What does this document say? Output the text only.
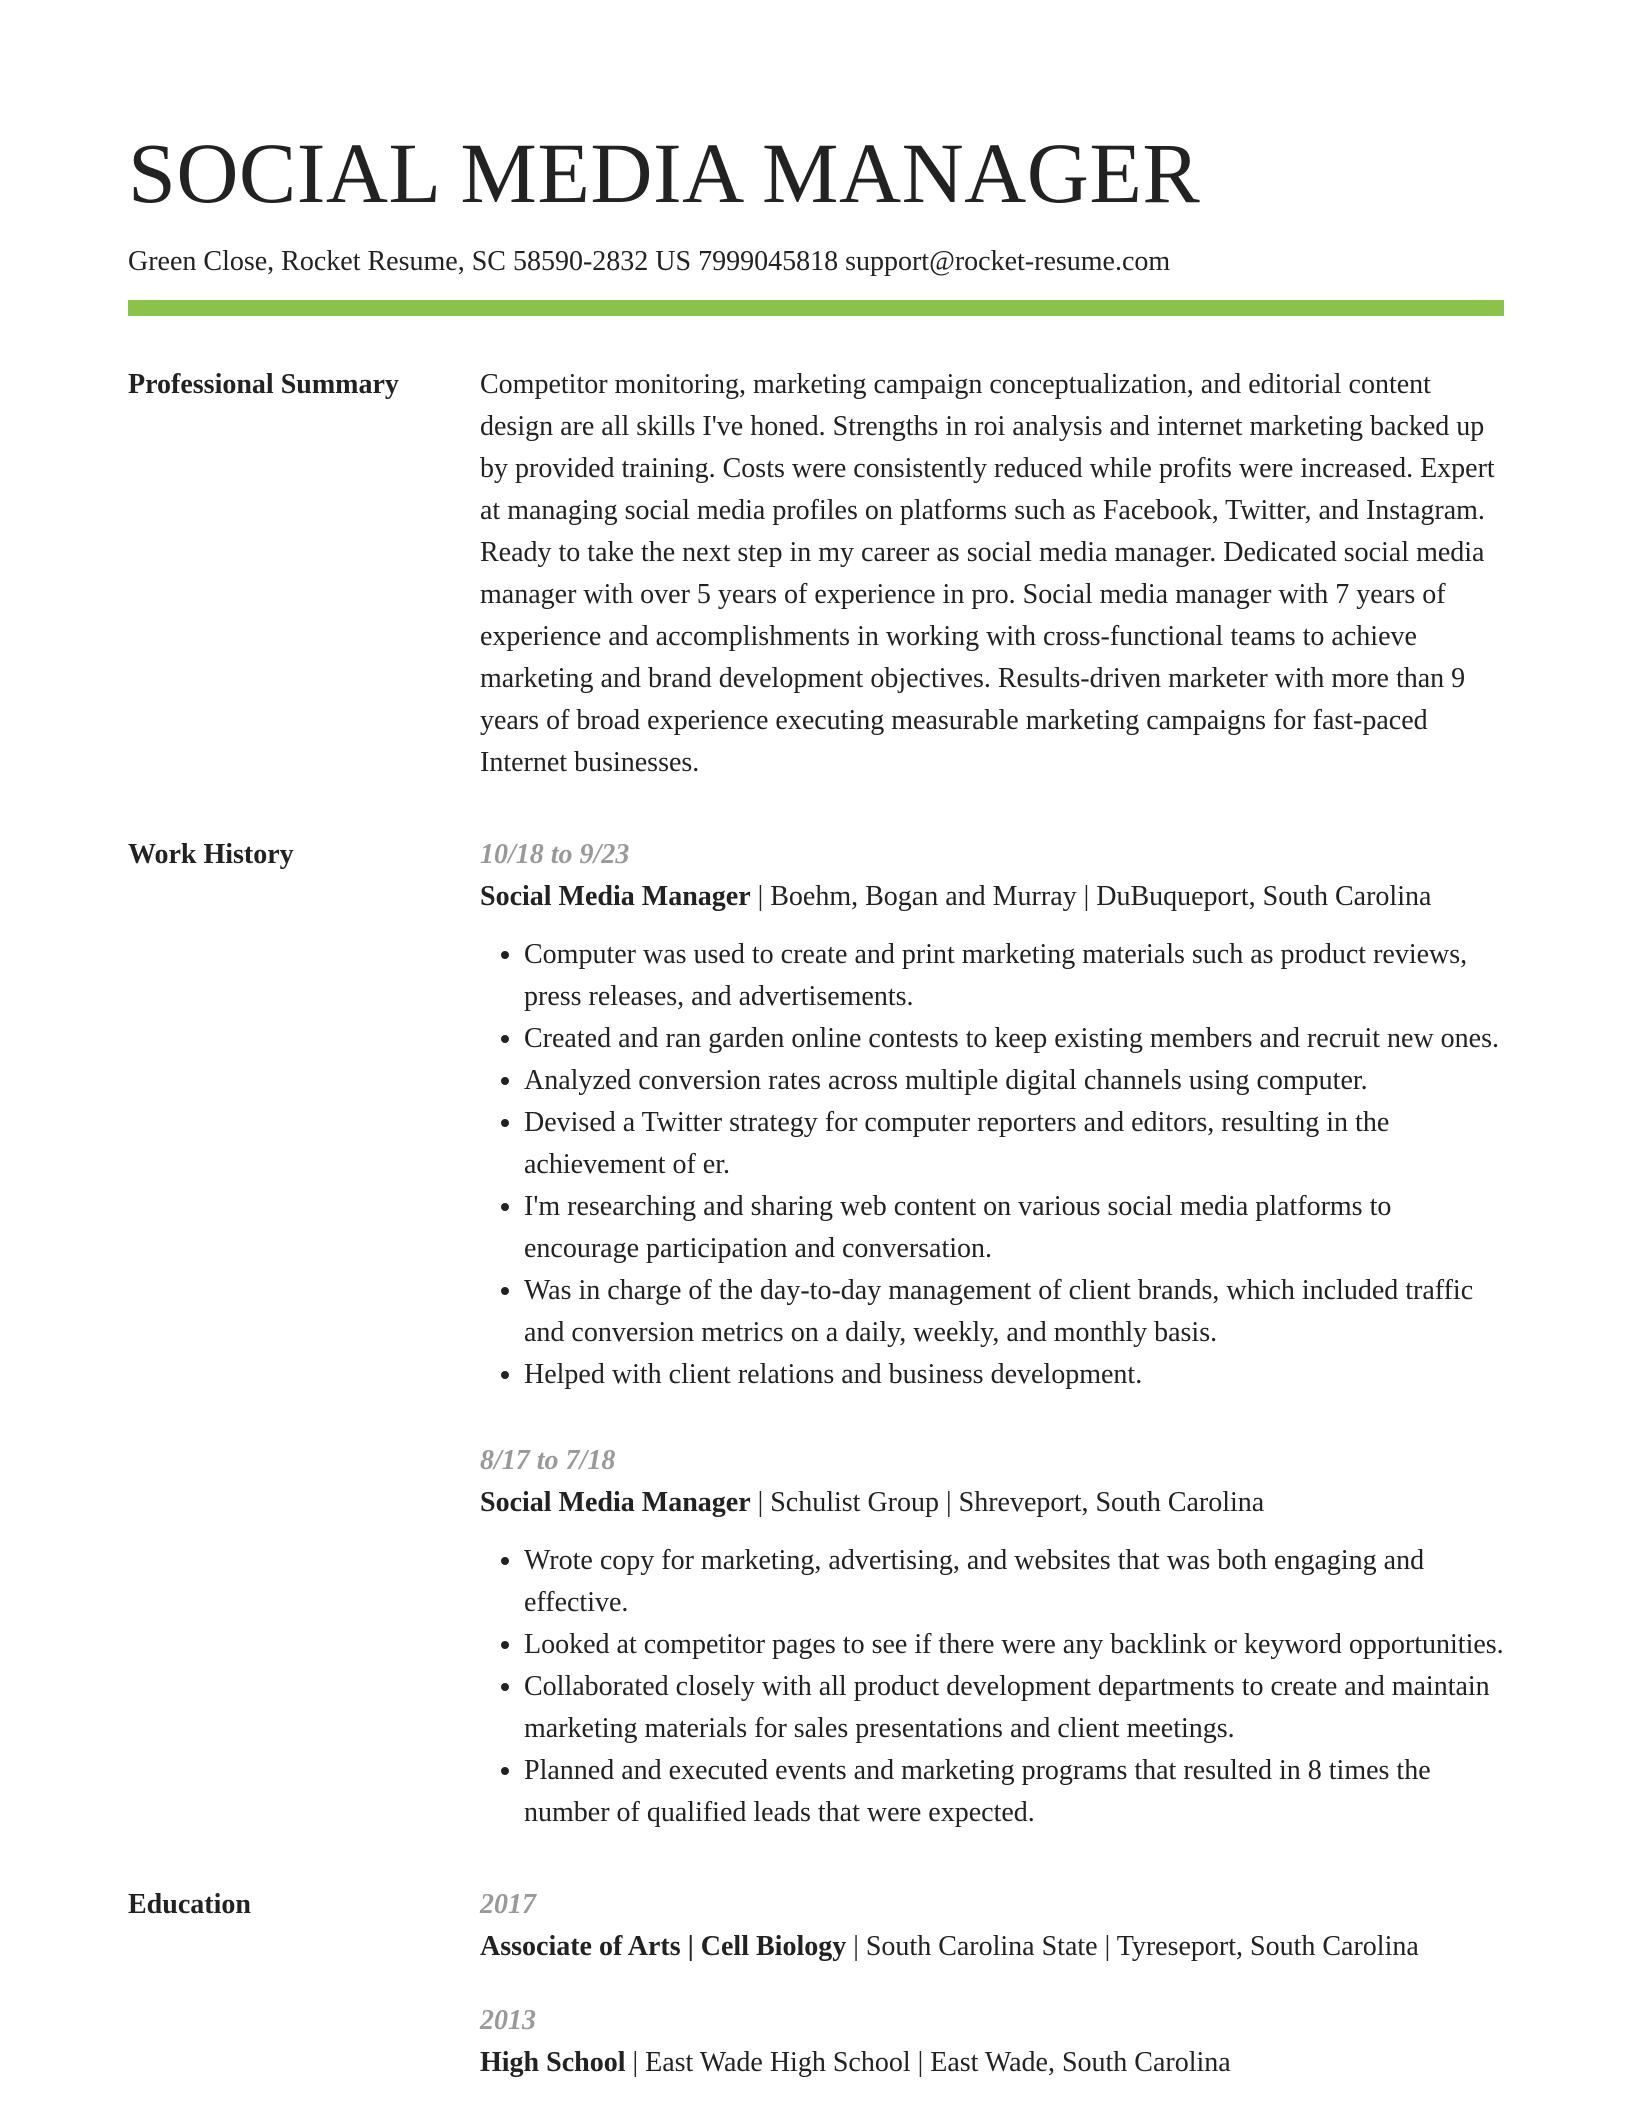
SOCIAL MEDIA MANAGER
Green Close, Rocket Resume, SC 58590-2832 US 7999045818 support@rocket-resume.com
Professional Summary	Competitor monitoring, marketing campaign conceptualization, and editorial content design are all skills I've honed. Strengths in roi analysis and internet marketing backed up by provided training. Costs were consistently reduced while profits were increased. Expert at managing social media profiles on platforms such as Facebook, Twitter, and Instagram. Ready to take the next step in my career as social media manager. Dedicated social media manager with over 5 years of experience in pro. Social media manager with 7 years of experience and accomplishments in working with cross-functional teams to achieve marketing and brand development objectives. Results-driven marketer with more than 9 years of broad experience executing measurable marketing campaigns for fast-paced Internet businesses.

Work History	10/18 to 9/23
Social Media Manager | Boehm, Bogan and Murray | DuBuqueport, South Carolina
• Computer was used to create and print marketing materials such as product reviews, press releases, and advertisements.
• Created and ran garden online contests to keep existing members and recruit new ones.
• Analyzed conversion rates across multiple digital channels using computer.
• Devised a Twitter strategy for computer reporters and editors, resulting in the achievement of er.
• I'm researching and sharing web content on various social media platforms to encourage participation and conversation.
• Was in charge of the day-to-day management of client brands, which included traffic and conversion metrics on a daily, weekly, and monthly basis.
• Helped with client relations and business development.
8/17 to 7/18
Social Media Manager | Schulist Group | Shreveport, South Carolina
• Wrote copy for marketing, advertising, and websites that was both engaging and effective.
• Looked at competitor pages to see if there were any backlink or keyword opportunities.
• Collaborated closely with all product development departments to create and maintain marketing materials for sales presentations and client meetings.
• Planned and executed events and marketing programs that resulted in 8 times the number of qualified leads that were expected.
Education	2017
Associate of Arts | Cell Biology | South Carolina State | Tyreseport, South Carolina
2013
High School | East Wade High School | East Wade, South Carolina
